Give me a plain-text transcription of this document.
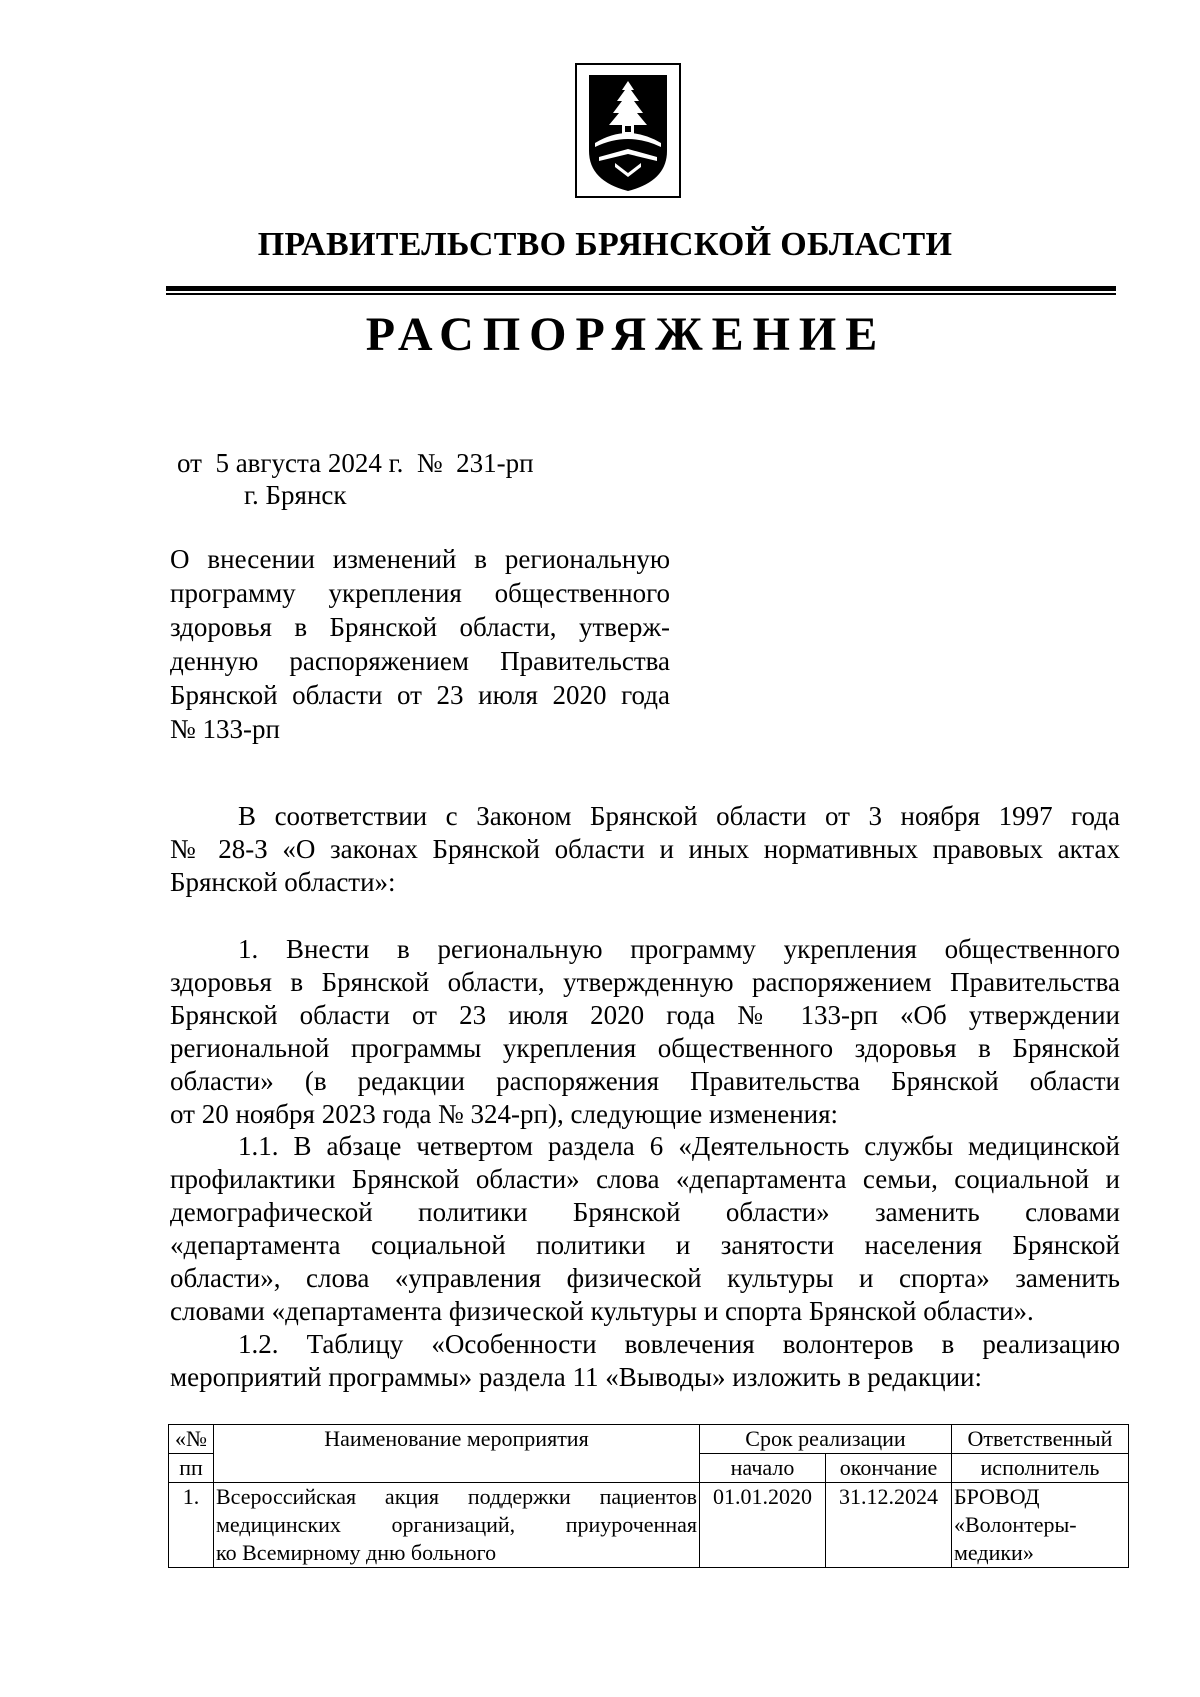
ПРАВИТЕЛЬСТВО БРЯНСКОЙ ОБЛАСТИ
РАСПОРЯЖЕНИЕ
от  5 августа 2024 г.  №  231-рп
г. Брянск
О внесении изменений в региональную
программу укрепления общественного
здоровья в Брянской области, утверж-
денную распоряжением Правительства
Брянской области от 23 июля 2020 года
№ 133-рп
В соответствии с Законом Брянской области от 3 ноября 1997 года
№ 28-З «О законах Брянской области и иных нормативных правовых актах
Брянской области»:
1. Внести в региональную программу укрепления общественного
здоровья в Брянской области, утвержденную распоряжением Правительства
Брянской области от 23 июля 2020 года № 133-рп «Об утверждении
региональной программы укрепления общественного здоровья в Брянской
области» (в редакции распоряжения Правительства Брянской области
от 20 ноября 2023 года № 324-рп), следующие изменения:
1.1. В абзаце четвертом раздела 6 «Деятельность службы медицинской
профилактики Брянской области» слова «департамента семьи, социальной и
демографической политики Брянской области» заменить словами
«департамента социальной политики и занятости населения Брянской
области», слова «управления физической культуры и спорта» заменить
словами «департамента физической культуры и спорта Брянской области».
1.2. Таблицу «Особенности вовлечения волонтеров в реализацию
мероприятий программы» раздела 11 «Выводы» изложить в редакции:
«№	Наименование мероприятия	Срок реализации		Ответственный
пп		начало	окончание	исполнитель
1.	Всероссийская акция поддержки пациентов
медицинских организаций, приуроченная
ко Всемирному дню больного	01.01.2020	31.12.2024	БРОВОД
«Волонтеры-
медики»
